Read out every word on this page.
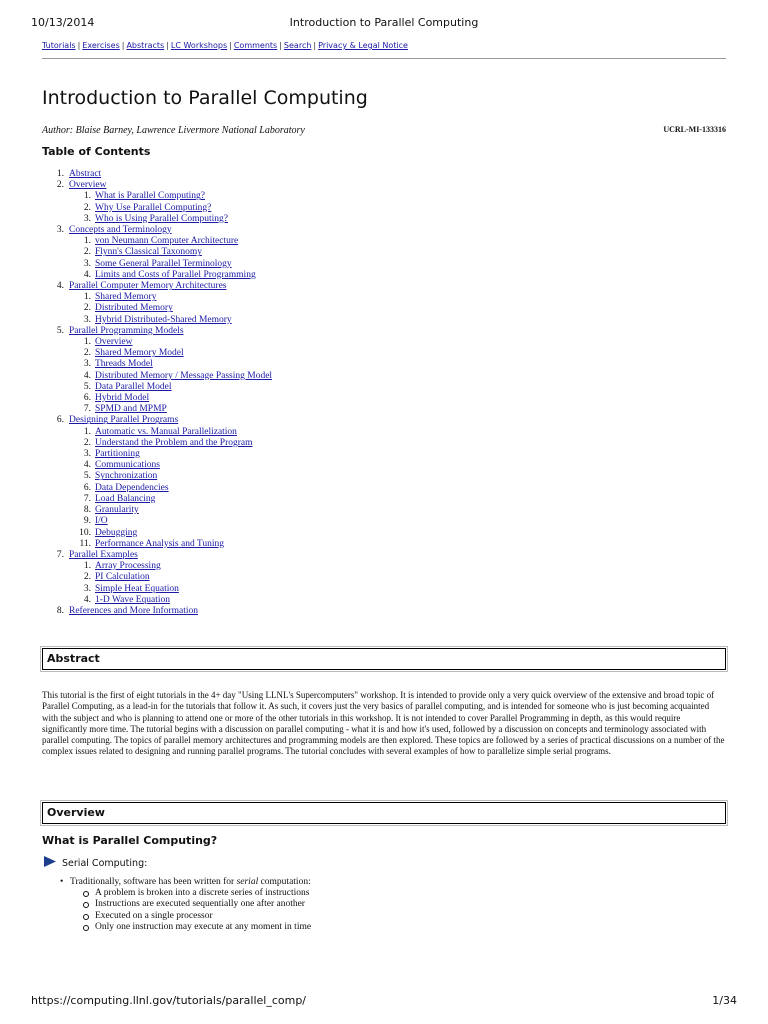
10/13/2014	Introduction to Parallel Computing
Tutorials | Exercises | Abstracts | LC Workshops | Comments | Search | Privacy & Legal Notice
Introduction to Parallel Computing
Author: Blaise Barney, Lawrence Livermore National Laboratory	UCRL-MI-133316
Table of Contents
1. Abstract
2. Overview
1. What is Parallel Computing?
2. Why Use Parallel Computing?
3. Who is Using Parallel Computing?
3. Concepts and Terminology
1. von Neumann Computer Architecture
2. Flynn's Classical Taxonomy
3. Some General Parallel Terminology
4. Limits and Costs of Parallel Programming
4. Parallel Computer Memory Architectures
1. Shared Memory
2. Distributed Memory
3. Hybrid Distributed-Shared Memory
5. Parallel Programming Models
1. Overview
2. Shared Memory Model
3. Threads Model
4. Distributed Memory / Message Passing Model
5. Data Parallel Model
6. Hybrid Model
7. SPMD and MPMP
6. Designing Parallel Programs
1. Automatic vs. Manual Parallelization
2. Understand the Problem and the Program
3. Partitioning
4. Communications
5. Synchronization
6. Data Dependencies
7. Load Balancing
8. Granularity
9. I/O
10. Debugging
11. Performance Analysis and Tuning
7. Parallel Examples
1. Array Processing
2. PI Calculation
3. Simple Heat Equation
4. 1-D Wave Equation
8. References and More Information
Abstract

This tutorial is the first of eight tutorials in the 4+ day "Using LLNL's Supercomputers" workshop. It is intended to provide only a very quick overview of the extensive and broad topic of Parallel Computing, as a lead-in for the tutorials that follow it. As such, it covers just the very basics of parallel computing, and is intended for someone who is just becoming acquainted with the subject and who is planning to attend one or more of the other tutorials in this workshop. It is not intended to cover Parallel Programming in depth, as this would require significantly more time. The tutorial begins with a discussion on parallel computing - what it is and how it's used, followed by a discussion on concepts and terminology associated with parallel computing. The topics of parallel memory architectures and programming models are then explored. These topics are followed by a series of practical discussions on a number of the complex issues related to designing and running parallel programs. The tutorial concludes with several examples of how to parallelize simple serial programs.

Overview
What is Parallel Computing?
Serial Computing:
• Traditionally, software has been written for serial computation:
A problem is broken into a discrete series of instructions
Instructions are executed sequentially one after another
Executed on a single processor
Only one instruction may execute at any moment in time
https://computing.llnl.gov/tutorials/parallel_comp/	1/34
